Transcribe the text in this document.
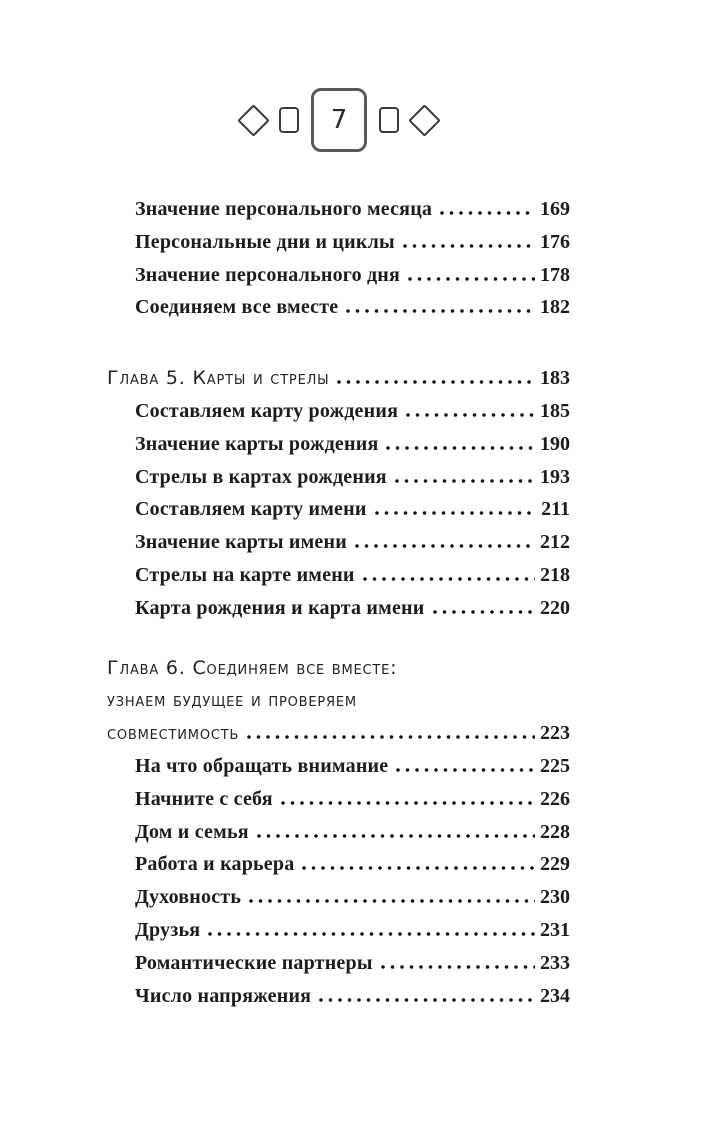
7
Значение персонального месяца	169
Персональные дни и циклы	176
Значение персонального дня	178
Соединяем все вместе	182
Глава 5. Карты и стрелы	183
Составляем карту рождения	185
Значение карты рождения	190
Стрелы в картах рождения	193
Составляем карту имени	211
Значение карты имени	212
Стрелы на карте имени	218
Карта рождения и карта имени	220
Глава 6. Соединяем все вместе:
узнаем будущее и проверяем
совместимость	223
На что обращать внимание	225
Начните с себя	226
Дом и семья	228
Работа и карьера	229
Духовность	230
Друзья	231
Романтические партнеры	233
Число напряжения	234
